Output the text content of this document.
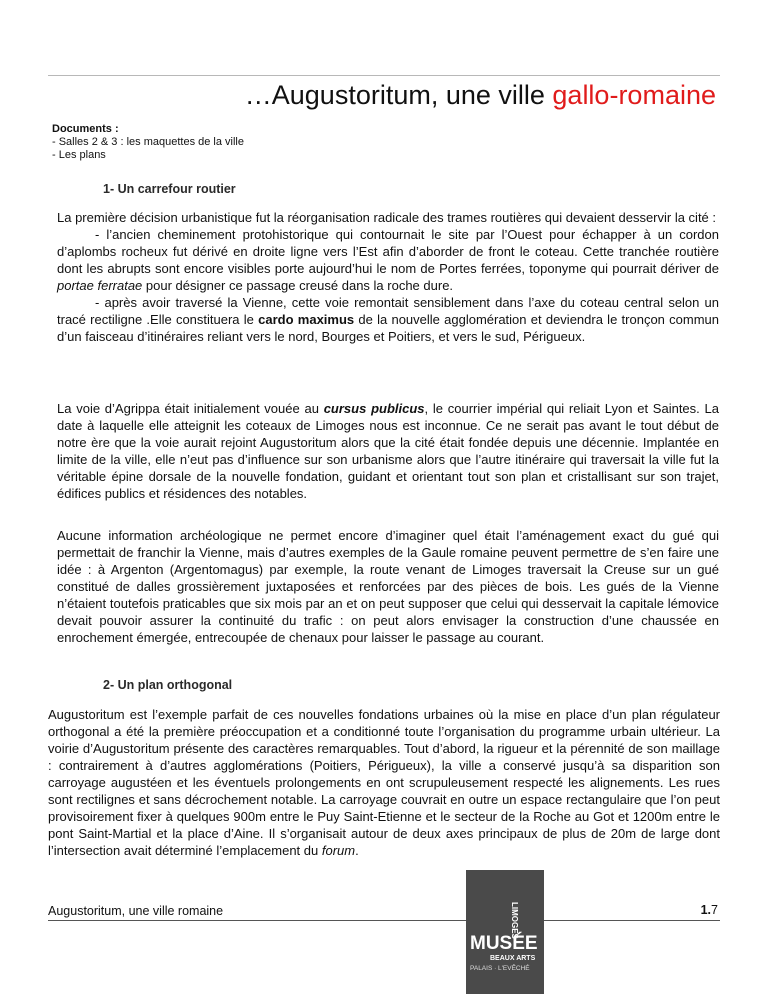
…Augustoritum, une ville gallo-romaine
Documents :
- Salles 2 & 3 : les maquettes de la ville
- Les plans
1- Un carrefour routier
La première décision urbanistique fut la réorganisation radicale des trames routières qui devaient desservir la cité :
- l’ancien cheminement protohistorique qui contournait le site par l’Ouest pour échapper à un cordon d’aplombs rocheux fut dérivé en droite ligne vers l’Est afin d’aborder de front le coteau. Cette tranchée routière dont les abrupts sont encore visibles porte aujourd’hui le nom de Portes ferrées, toponyme qui pourrait dériver de portae ferratae pour désigner ce passage creusé dans la roche dure.
- après avoir traversé la Vienne, cette voie remontait sensiblement dans l’axe du coteau central selon un tracé rectiligne .Elle constituera le cardo maximus de la nouvelle agglomération et deviendra le tronçon commun d’un faisceau d’itinéraires reliant vers le nord, Bourges et Poitiers, et vers le sud, Périgueux.
La voie d’Agrippa était initialement vouée au cursus publicus, le courrier impérial qui reliait Lyon et Saintes. La date à laquelle elle atteignit les coteaux de Limoges nous est inconnue. Ce ne serait pas avant le tout début de notre ère que la voie aurait rejoint Augustoritum alors que la cité était fondée depuis une décennie. Implantée en limite de la ville, elle n’eut pas d’influence sur son urbanisme alors que l’autre itinéraire qui traversait la ville fut la véritable épine dorsale de la nouvelle fondation, guidant et orientant tout son plan et cristallisant sur son trajet, édifices publics et résidences des notables.
Aucune information archéologique ne permet encore d’imaginer quel était l’aménagement exact du gué qui permettait de franchir la Vienne, mais d’autres exemples de la Gaule romaine peuvent permettre de s’en faire une idée : à Argenton (Argentomagus) par exemple, la route venant de Limoges traversait la Creuse sur un gué constitué de dalles grossièrement juxtaposées et renforcées par des pièces de bois. Les gués de la Vienne n’étaient toutefois praticables que six mois par an et on peut supposer que celui qui desservait la capitale lémovice devait pouvoir assurer la continuité du trafic : on peut alors envisager la construction d’une chaussée en enrochement émergée, entrecoupée de chenaux pour laisser le passage au courant.
2- Un plan orthogonal
Augustoritum est l’exemple parfait de ces nouvelles fondations urbaines où la mise en place d’un plan régulateur orthogonal a été la première préoccupation et a conditionné toute l’organisation du programme urbain ultérieur. La voirie d’Augustoritum présente des caractères remarquables. Tout d’abord, la rigueur et la pérennité de son maillage : contrairement à d’autres agglomérations (Poitiers, Périgueux), la ville a conservé jusqu’à sa disparition son carroyage augustéen et les éventuels prolongements en ont scrupuleusement respecté les alignements. Les rues sont rectilignes et sans décrochement notable. La carroyage couvrait en outre un espace rectangulaire que l’on peut provisoirement fixer à quelques 900m entre le Puy Saint-Etienne et le secteur de la Roche au Got et 1200m entre le pont Saint-Martial et la place d’Aine. Il s’organisait autour de deux axes principaux de plus de 20m de large dont l’intersection avait déterminé l’emplacement du forum.
Augustoritum, une ville romaine	1.7
LIMOGES
MUSÉE
BEAUX ARTS
PALAIS · L'EVÊCHÉ
